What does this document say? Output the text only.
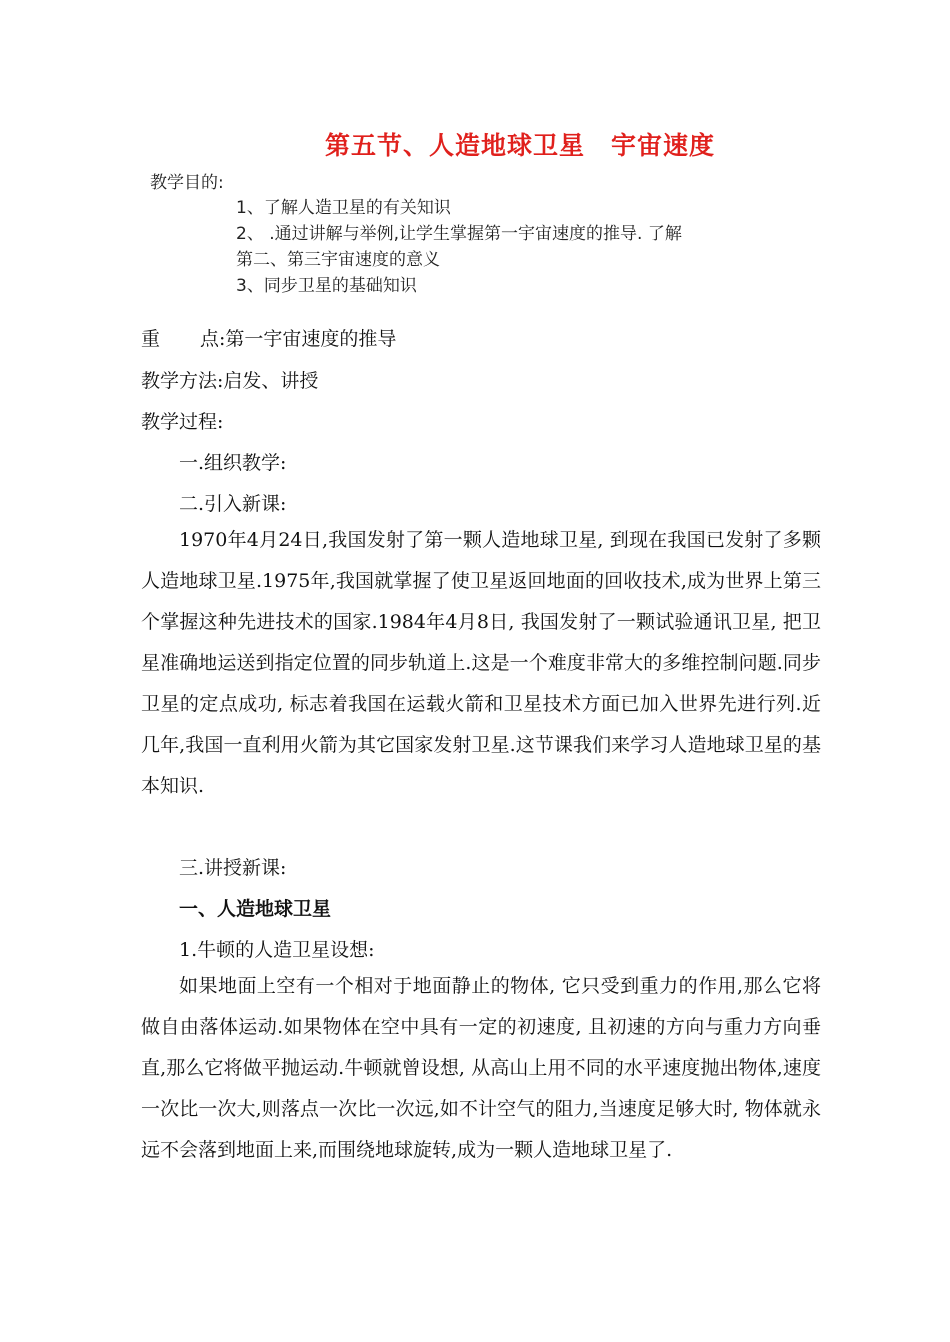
第五节、人造地球卫星　宇宙速度
教学目的:
1、了解人造卫星的有关知识
2、 .通过讲解与举例,让学生掌握第一宇宙速度的推导. 了解
第二、第三宇宙速度的意义
3、同步卫星的基础知识
重 点:第一宇宙速度的推导
教学方法:启发、讲授
教学过程:
一.组织教学:
二.引入新课:

1970年4月24日,我国发射了第一颗人造地球卫星, 到现在我国已发射了多颗人造地球卫星.1975年,我国就掌握了使卫星返回地面的回收技术,成为世界上第三个掌握这种先进技术的国家.1984年4月8日, 我国发射了一颗试验通讯卫星, 把卫星准确地运送到指定位置的同步轨道上.这是一个难度非常大的多维控制问题.同步卫星的定点成功, 标志着我国在运载火箭和卫星技术方面已加入世界先进行列.近几年,我国一直利用火箭为其它国家发射卫星.这节课我们来学习人造地球卫星的基本知识.

三.讲授新课:
一、人造地球卫星
1.牛顿的人造卫星设想:

如果地面上空有一个相对于地面静止的物体, 它只受到重力的作用,那么它将做自由落体运动.如果物体在空中具有一定的初速度, 且初速的方向与重力方向垂直,那么它将做平抛运动.牛顿就曾设想, 从高山上用不同的水平速度抛出物体,速度一次比一次大,则落点一次比一次远,如不计空气的阻力,当速度足够大时, 物体就永远不会落到地面上来,而围绕地球旋转,成为一颗人造地球卫星了.
